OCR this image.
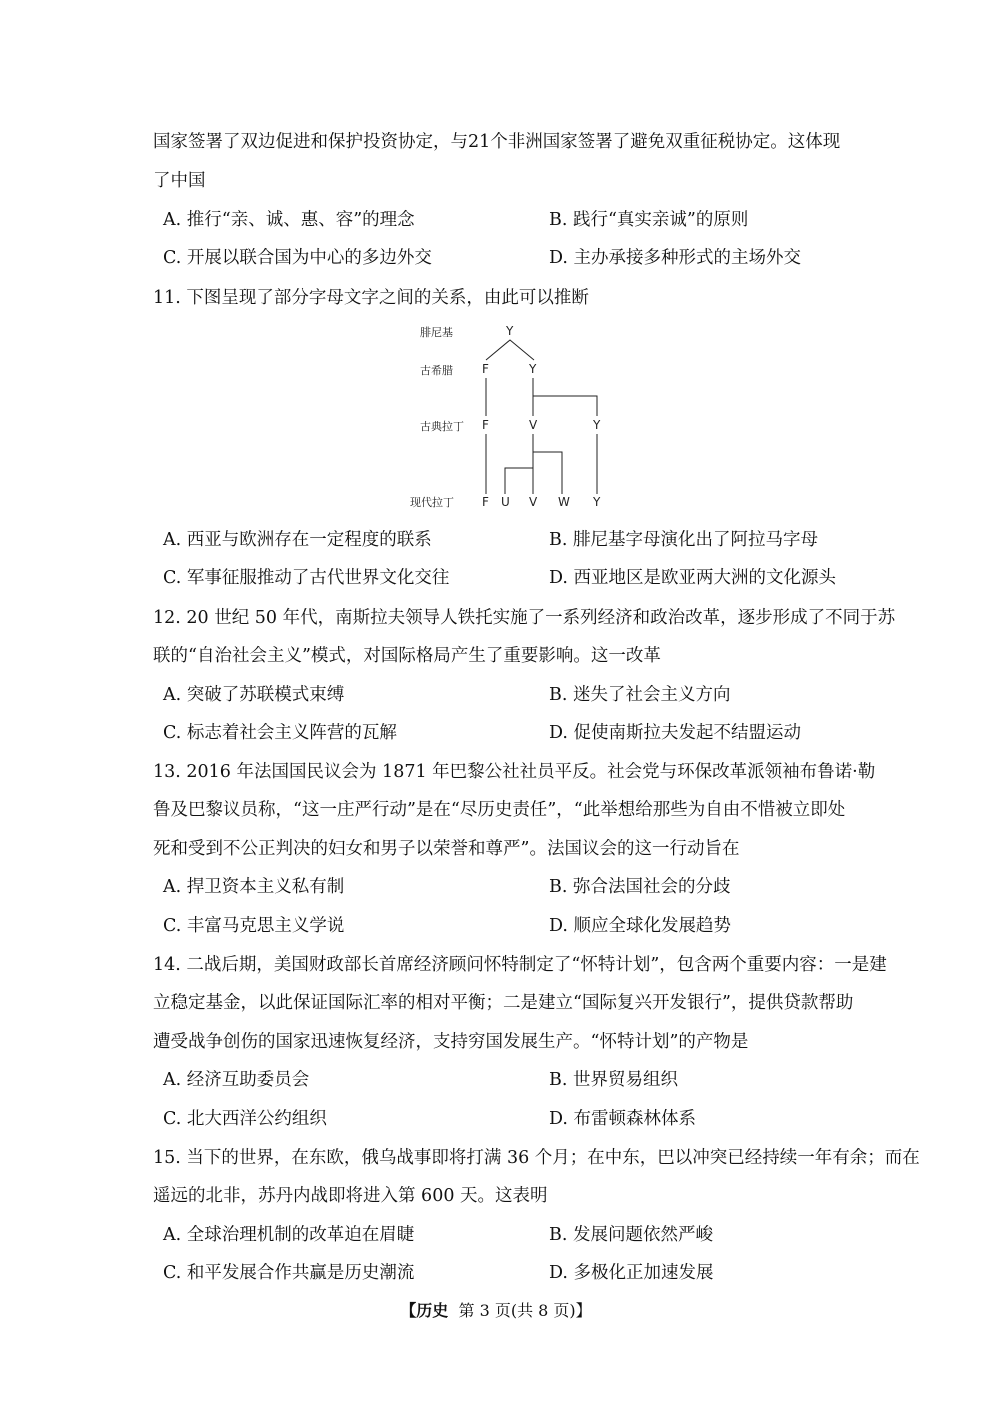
国家签署了双边促进和保护投资协定，与21个非洲国家签署了避免双重征税协定。这体现
了中国
A. 推行“亲、诚、惠、容”的理念	B. 践行“真实亲诚”的原则
C. 开展以联合国为中心的多边外交	D. 主办承接多种形式的主场外交
11. 下图呈现了部分字母文字之间的关系，由此可以推断
腓尼基
古希腊
古典拉丁
现代拉丁
Y
F	Y
F	V	Y
F U V W Y
A. 西亚与欧洲存在一定程度的联系	B. 腓尼基字母演化出了阿拉马字母
C. 军事征服推动了古代世界文化交往	D. 西亚地区是欧亚两大洲的文化源头
12. 20 世纪 50 年代，南斯拉夫领导人铁托实施了一系列经济和政治改革，逐步形成了不同于苏
联的“自治社会主义”模式，对国际格局产生了重要影响。这一改革
A. 突破了苏联模式束缚	B. 迷失了社会主义方向
C. 标志着社会主义阵营的瓦解	D. 促使南斯拉夫发起不结盟运动
13. 2016 年法国国民议会为 1871 年巴黎公社社员平反。社会党与环保改革派领袖布鲁诺·勒
鲁及巴黎议员称，“这一庄严行动”是在“尽历史责任”，“此举想给那些为自由不惜被立即处
死和受到不公正判决的妇女和男子以荣誉和尊严”。法国议会的这一行动旨在
A. 捍卫资本主义私有制	B. 弥合法国社会的分歧
C. 丰富马克思主义学说	D. 顺应全球化发展趋势
14. 二战后期，美国财政部长首席经济顾问怀特制定了“怀特计划”，包含两个重要内容：一是建
立稳定基金，以此保证国际汇率的相对平衡；二是建立“国际复兴开发银行”，提供贷款帮助
遭受战争创伤的国家迅速恢复经济，支持穷国发展生产。“怀特计划”的产物是
A. 经济互助委员会	B. 世界贸易组织
C. 北大西洋公约组织	D. 布雷顿森林体系
15. 当下的世界，在东欧，俄乌战事即将打满 36 个月；在中东，巴以冲突已经持续一年有余；而在
遥远的北非，苏丹内战即将进入第 600 天。这表明
A. 全球治理机制的改革迫在眉睫	B. 发展问题依然严峻
C. 和平发展合作共赢是历史潮流	D. 多极化正加速发展
【历史 第 3 页(共 8 页)】
